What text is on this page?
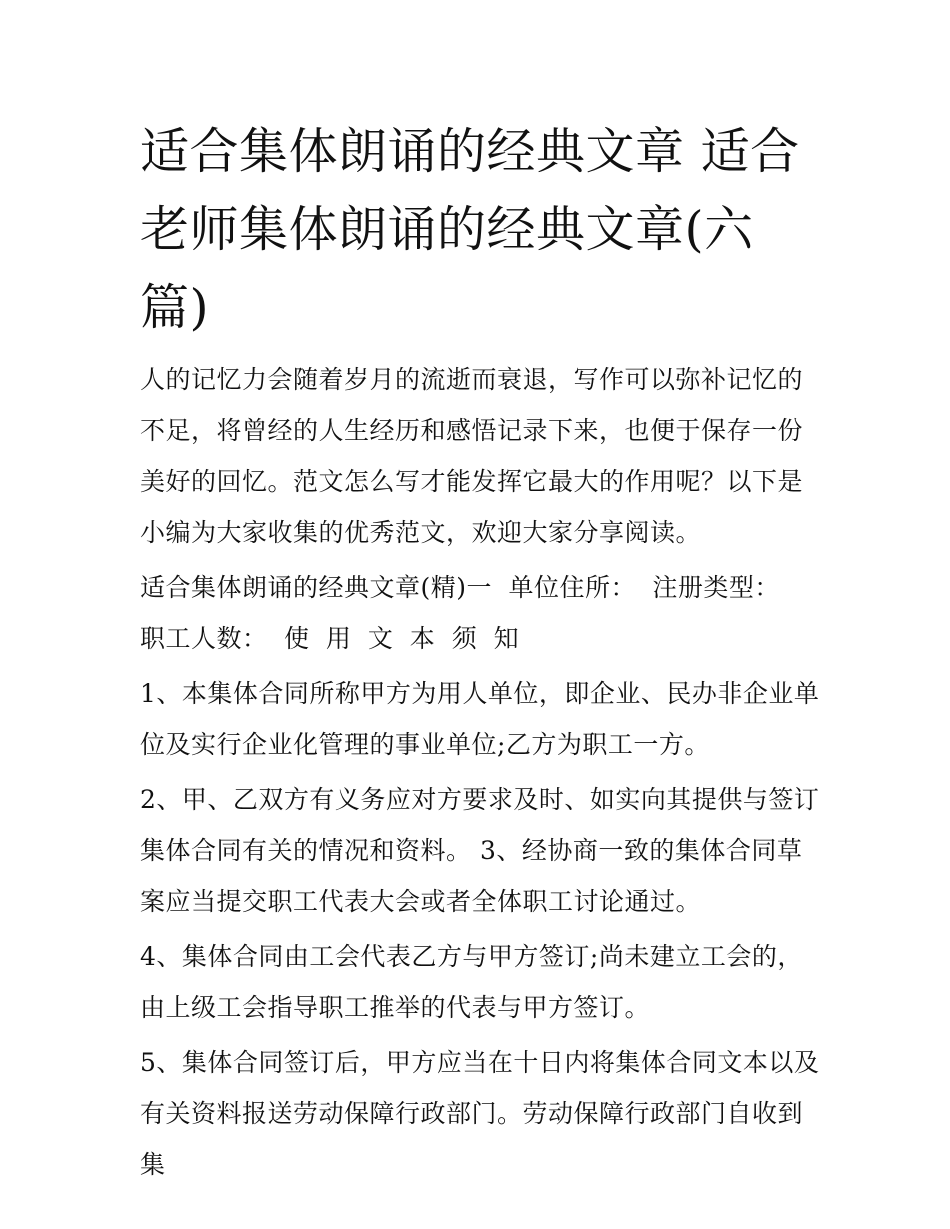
适合集体朗诵的经典文章 适合老师集体朗诵的经典文章(六篇)

人的记忆力会随着岁月的流逝而衰退，写作可以弥补记忆的不足，将曾经的人生经历和感悟记录下来，也便于保存一份美好的回忆。范文怎么写才能发挥它最大的作用呢？以下是小编为大家收集的优秀范文，欢迎大家分享阅读。

适合集体朗诵的经典文章(精)一 单位住所： 注册类型： 职工人数： 使 用 文 本 须 知

1、本集体合同所称甲方为用人单位，即企业、民办非企业单位及实行企业化管理的事业单位;乙方为职工一方。

2、甲、乙双方有义务应对方要求及时、如实向其提供与签订集体合同有关的情况和资料。 3、经协商一致的集体合同草案应当提交职工代表大会或者全体职工讨论通过。

4、集体合同由工会代表乙方与甲方签订;尚未建立工会的，由上级工会指导职工推举的代表与甲方签订。

5、集体合同签订后，甲方应当在十日内将集体合同文本以及有关资料报送劳动保障行政部门。劳动保障行政部门自收到集
